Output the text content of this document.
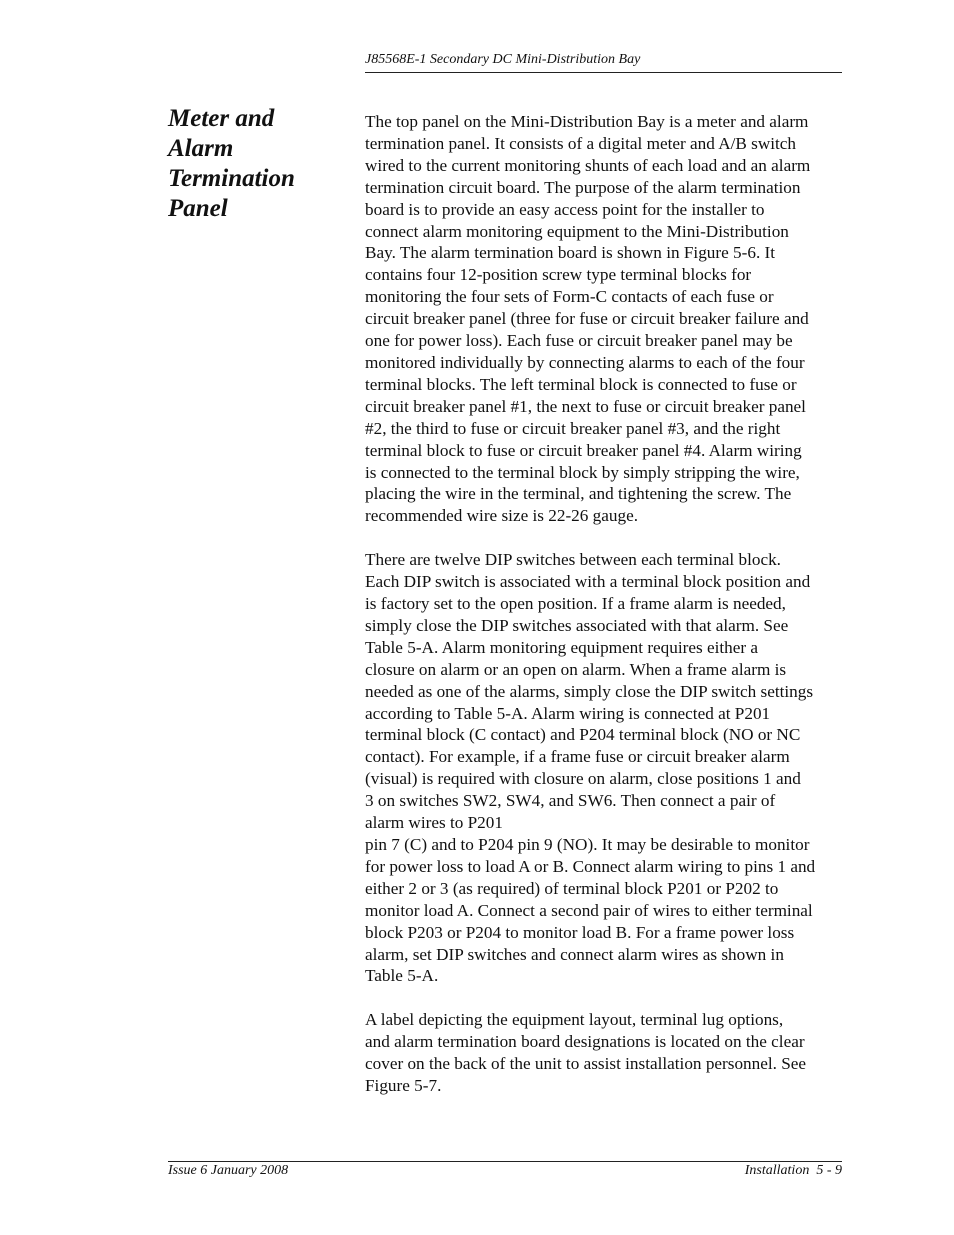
J85568E-1 Secondary DC Mini-Distribution Bay
Meter and
Alarm
Termination
Panel

The top panel on the Mini-Distribution Bay is a meter and alarm
termination panel. It consists of a digital meter and A/B switch
wired to the current monitoring shunts of each load and an alarm
termination circuit board. The purpose of the alarm termination
board is to provide an easy access point for the installer to
connect alarm monitoring equipment to the Mini-Distribution
Bay. The alarm termination board is shown in Figure 5-6. It
contains four 12-position screw type terminal blocks for
monitoring the four sets of Form-C contacts of each fuse or
circuit breaker panel (three for fuse or circuit breaker failure and
one for power loss). Each fuse or circuit breaker panel may be
monitored individually by connecting alarms to each of the four
terminal blocks. The left terminal block is connected to fuse or
circuit breaker panel #1, the next to fuse or circuit breaker panel
#2, the third to fuse or circuit breaker panel #3, and the right
terminal block to fuse or circuit breaker panel #4. Alarm wiring
is connected to the terminal block by simply stripping the wire,
placing the wire in the terminal, and tightening the screw. The
recommended wire size is 22-26 gauge.

There are twelve DIP switches between each terminal block.
Each DIP switch is associated with a terminal block position and
is factory set to the open position. If a frame alarm is needed,
simply close the DIP switches associated with that alarm. See
Table 5-A. Alarm monitoring equipment requires either a
closure on alarm or an open on alarm. When a frame alarm is
needed as one of the alarms, simply close the DIP switch settings
according to Table 5-A. Alarm wiring is connected at P201
terminal block (C contact) and P204 terminal block (NO or NC
contact). For example, if a frame fuse or circuit breaker alarm
(visual) is required with closure on alarm, close positions 1 and
3 on switches SW2, SW4, and SW6. Then connect a pair of
alarm wires to P201
pin 7 (C) and to P204 pin 9 (NO). It may be desirable to monitor
for power loss to load A or B. Connect alarm wiring to pins 1 and
either 2 or 3 (as required) of terminal block P201 or P202 to
monitor load A. Connect a second pair of wires to either terminal
block P203 or P204 to monitor load B. For a frame power loss
alarm, set DIP switches and connect alarm wires as shown in
Table 5-A.

A label depicting the equipment layout, terminal lug options,
and alarm termination board designations is located on the clear
cover on the back of the unit to assist installation personnel. See
Figure 5-7.

Issue 6 January 2008	Installation  5 - 9
